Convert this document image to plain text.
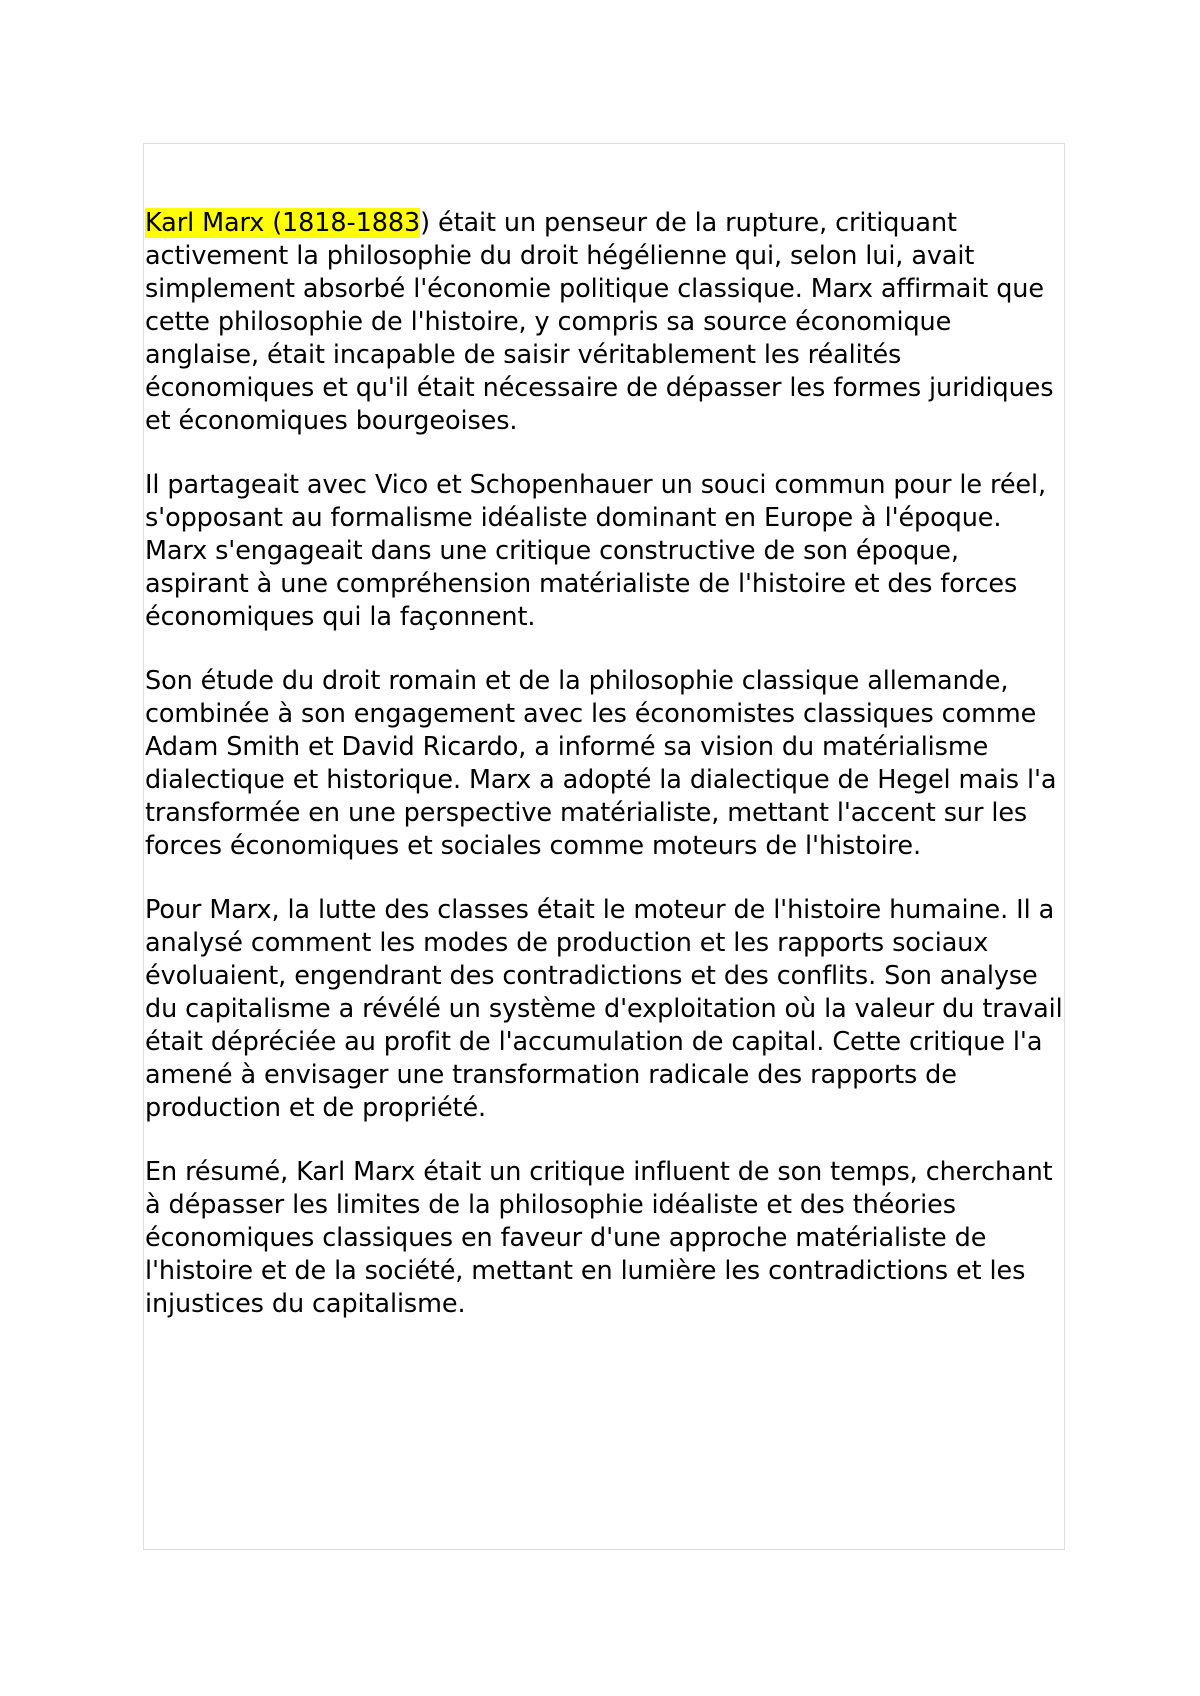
Karl Marx (1818-1883) était un penseur de la rupture, critiquant activement la philosophie du droit hégélienne qui, selon lui, avait simplement absorbé l'économie politique classique. Marx affirmait que cette philosophie de l'histoire, y compris sa source économique anglaise, était incapable de saisir véritablement les réalités économiques et qu'il était nécessaire de dépasser les formes juridiques et économiques bourgeoises.

Il partageait avec Vico et Schopenhauer un souci commun pour le réel, s'opposant au formalisme idéaliste dominant en Europe à l'époque. Marx s'engageait dans une critique constructive de son époque, aspirant à une compréhension matérialiste de l'histoire et des forces économiques qui la façonnent.

Son étude du droit romain et de la philosophie classique allemande, combinée à son engagement avec les économistes classiques comme Adam Smith et David Ricardo, a informé sa vision du matérialisme dialectique et historique. Marx a adopté la dialectique de Hegel mais l'a transformée en une perspective matérialiste, mettant l'accent sur les forces économiques et sociales comme moteurs de l'histoire.

Pour Marx, la lutte des classes était le moteur de l'histoire humaine. Il a analysé comment les modes de production et les rapports sociaux évoluaient, engendrant des contradictions et des conflits. Son analyse du capitalisme a révélé un système d'exploitation où la valeur du travail était dépréciée au profit de l'accumulation de capital. Cette critique l'a amené à envisager une transformation radicale des rapports de production et de propriété.

En résumé, Karl Marx était un critique influent de son temps, cherchant à dépasser les limites de la philosophie idéaliste et des théories économiques classiques en faveur d'une approche matérialiste de l'histoire et de la société, mettant en lumière les contradictions et les injustices du capitalisme.
